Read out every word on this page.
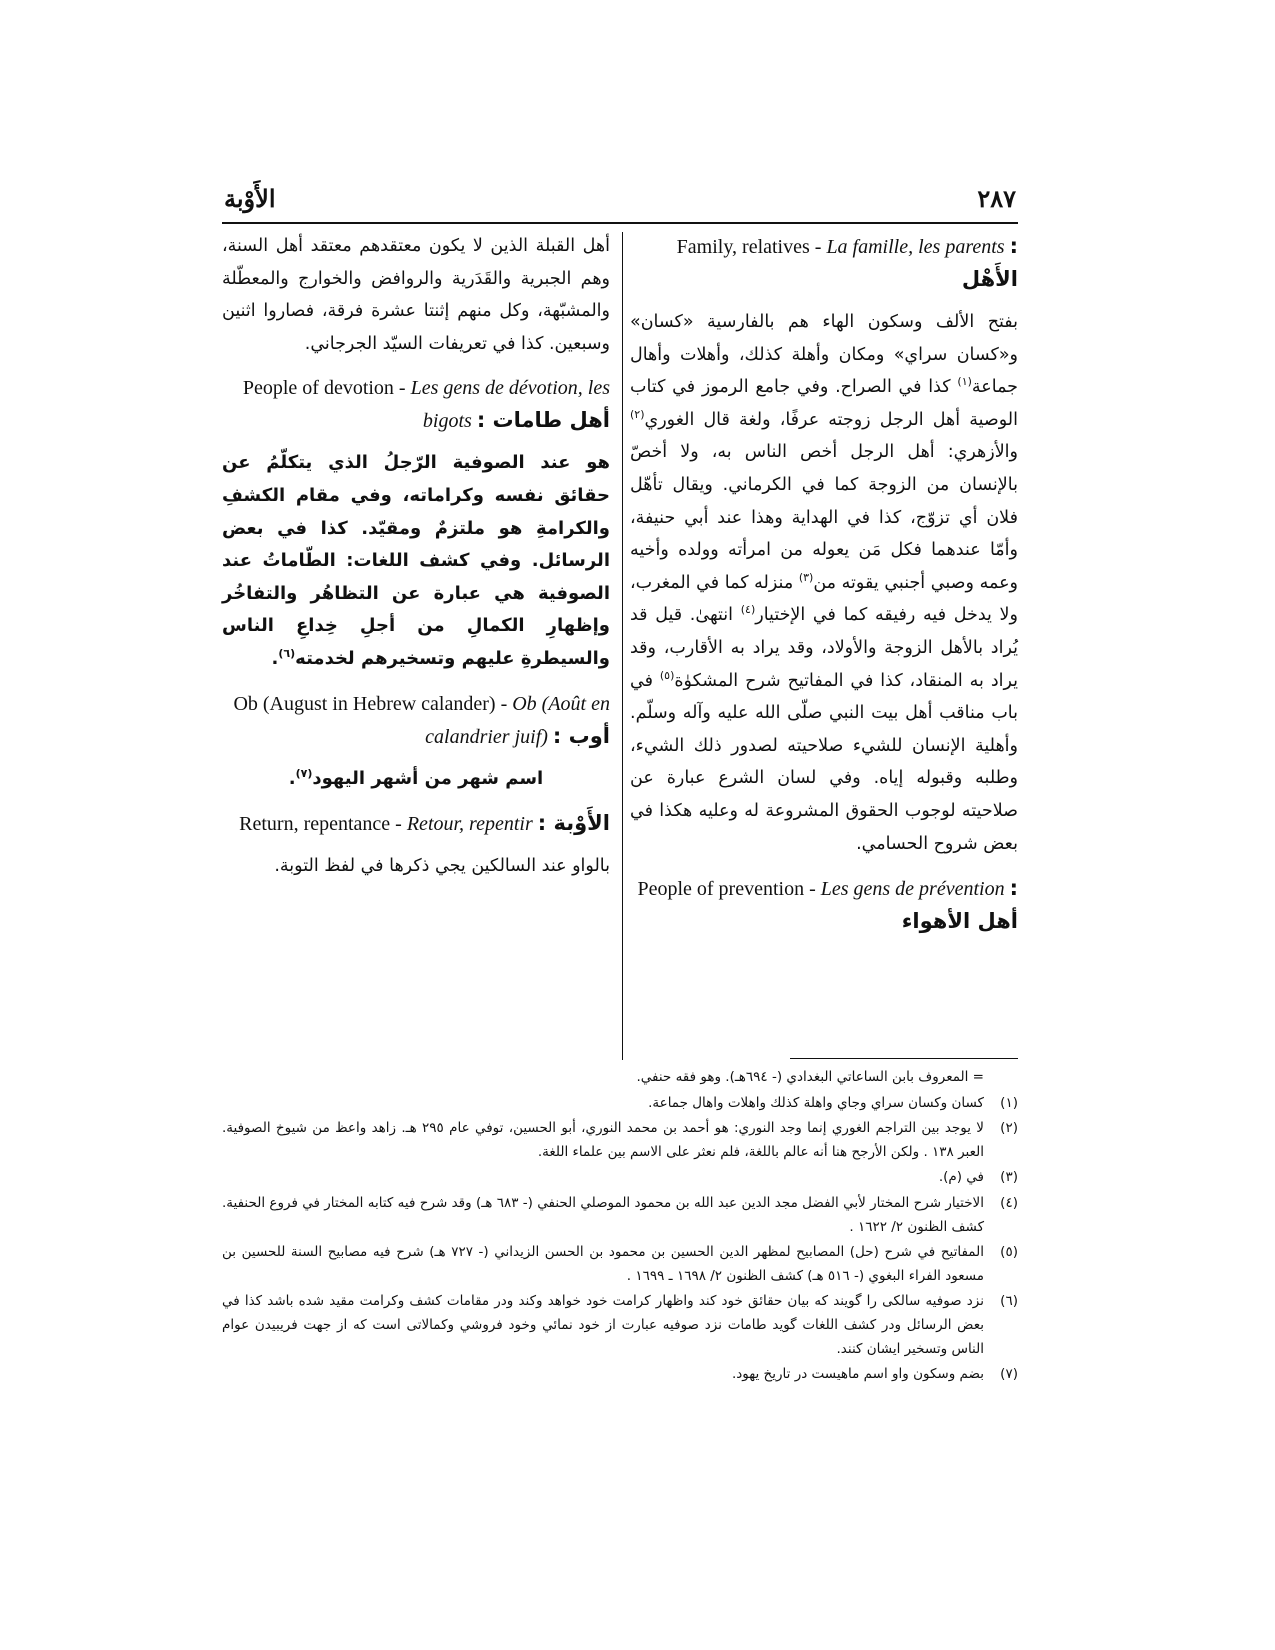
٢٨٧
الأَوْبة

Family, relatives - La famille, les parents : الأَهْل

بفتح الألف وسكون الهاء هم بالفارسية «كسان» و«كسان سراي» ومكان وأهلة كذلك، وأهلات وأهال جماعة$^{(١)}$ كذا في الصراح. وفي جامع الرموز في كتاب الوصية أهل الرجل زوجته عرفًا، ولغة قال الغوري$^{(٢)}$ والأزهري: أهل الرجل أخص الناس به، ولا أخصّ بالإنسان من الزوجة كما في الكرماني. ويقال تأهّل فلان أي تزوّج، كذا في الهداية وهذا عند أبي حنيفة، وأمّا عندهما فكل مَن يعوله من امرأته وولده وأخيه وعمه وصبي أجنبي يقوته من$^{(٣)}$ منزله كما في المغرب، ولا يدخل فيه رفيقه كما في الإختيار$^{(٤)}$ انتهىٰ. قيل قد يُراد بالأهل الزوجة والأولاد، وقد يراد به الأقارب، وقد يراد به المنقاد، كذا في المفاتيح شرح المشكوٰة$^{(٥)}$ في باب مناقب أهل بيت النبي صلّى الله عليه وآله وسلّم. وأهلية الإنسان للشيء صلاحيته لصدور ذلك الشيء، وطلبه وقبوله إياه. وفي لسان الشرع عبارة عن صلاحيته لوجوب الحقوق المشروعة له وعليه هكذا في بعض شروح الحسامي.

People of prevention - Les gens de prévention : أهل الأهواء

أهل القبلة الذين لا يكون معتقدهم معتقد أهل السنة، وهم الجبرية والقَدَرية والروافض والخوارج والمعطّلة والمشبّهة، وكل منهم إثنتا عشرة فرقة، فصاروا اثنين وسبعين. كذا في تعريفات السيّد الجرجاني.

People of devotion - Les gens de dévotion, les bigots : أهل طامات

هو عند الصوفية الرّجلُ الذي يتكلّمُ عن حقائق نفسه وكراماته، وفي مقام الكشفِ والكرامةِ هو ملتزمٌ ومقيّد. كذا في بعض الرسائل. وفي كشف اللغات: الطّاماتُ عند الصوفية هي عبارة عن التظاهُر والتفاخُر وإظهارِ الكمالِ من أجلِ خِداعِ الناس والسيطرةِ عليهم وتسخيرهم لخدمته$^{(٦)}$.

Ob (August in Hebrew calander) - Ob (Août en calandrier juif) : أوب

اسم شهر من أشهر اليهود$^{(٧)}$.

Return, repentance - Retour, repentir : الأَوْبة

بالواو عند السالكين يجي ذكرها في لفظ التوبة.

= المعروف بابن الساعاتي البغدادي (- ٦٩٤هـ). وهو فقه حنفي.

(١)
كسان وكسان سراي وجاي واهلة كذلك واهلات واهال جماعة.

(٢)
لا يوجد بين التراجم الغوري إنما وجد النوري: هو أحمد بن محمد النوري، أبو الحسين، توفي عام ٢٩٥ هـ. زاهد واعظ من شيوخ الصوفية. العبر ١٣٨ . ولكن الأرجح هنا أنه عالم باللغة، فلم نعثر على الاسم بين علماء اللغة.

(٣)
في (م).

(٤)
الاختيار شرح المختار لأبي الفضل مجد الدين عبد الله بن محمود الموصلي الحنفي (- ٦٨٣ هـ) وقد شرح فيه كتابه المختار في فروع الحنفية. كشف الظنون ٢/ ١٦٢٢ .

(٥)
المفاتيح في شرح (حل) المصابيح لمظهر الدين الحسين بن محمود بن الحسن الزيداني (- ٧٢٧ هـ) شرح فيه مصابيح السنة للحسين بن مسعود الفراء البغوي (- ٥١٦ هـ) كشف الظنون ٢/ ١٦٩٨ ـ ١٦٩٩ .

(٦)
نزد صوفيه سالكى را گويند كه بيان حقائق خود كند واظهار كرامت خود خواهد وكند ودر مقامات كشف وكرامت مقيد شده باشد كذا في بعض الرسائل ودر كشف اللغات گويد طامات نزد صوفيه عبارت از خود نمائي وخود فروشي وكمالاتى است كه از جهت فريبيدن عوام الناس وتسخير ايشان كنند.

(٧)
بضم وسكون واو اسم ماهيست در تاريخ يهود.
